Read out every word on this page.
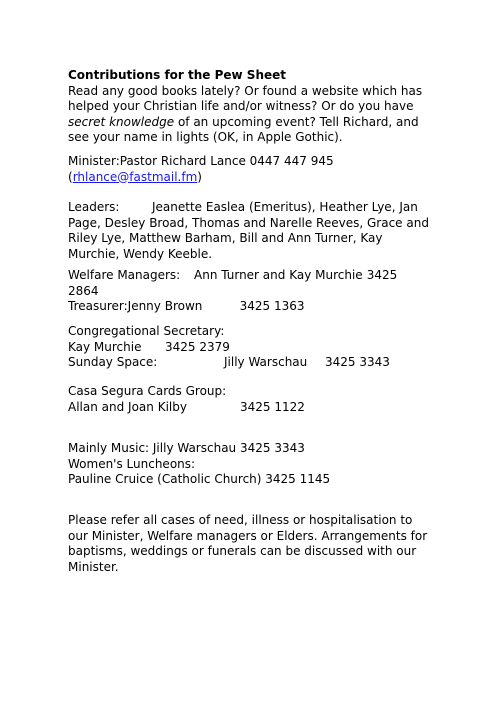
Contributions for the Pew Sheet
Read any good books lately? Or found a website which has
helped your Christian life and/or witness? Or do you have
secret knowledge of an upcoming event? Tell Richard, and
see your name in lights (OK, in Apple Gothic).
Minister:Pastor Richard Lance 0447 447 945
(rhlance@fastmail.fm)
Leaders:	Jeanette Easlea (Emeritus), Heather Lye, Jan
Page, Desley Broad, Thomas and Narelle Reeves, Grace and
Riley Lye, Matthew Barham, Bill and Ann Turner, Kay
Murchie, Wendy Keeble.
Welfare Managers: Ann Turner and Kay Murchie 3425
2864
Treasurer:Jenny Brown	3425 1363
Congregational Secretary:
Kay Murchie 3425 2379
Sunday Space:	Jilly Warschau 3425 3343
Casa Segura Cards Group:
Allan and Joan Kilby	3425 1122
Mainly Music: Jilly Warschau 3425 3343
Women's Luncheons:
Pauline Cruice (Catholic Church) 3425 1145
Please refer all cases of need, illness or hospitalisation to
our Minister, Welfare managers or Elders. Arrangements for
baptisms, weddings or funerals can be discussed with our
Minister.
